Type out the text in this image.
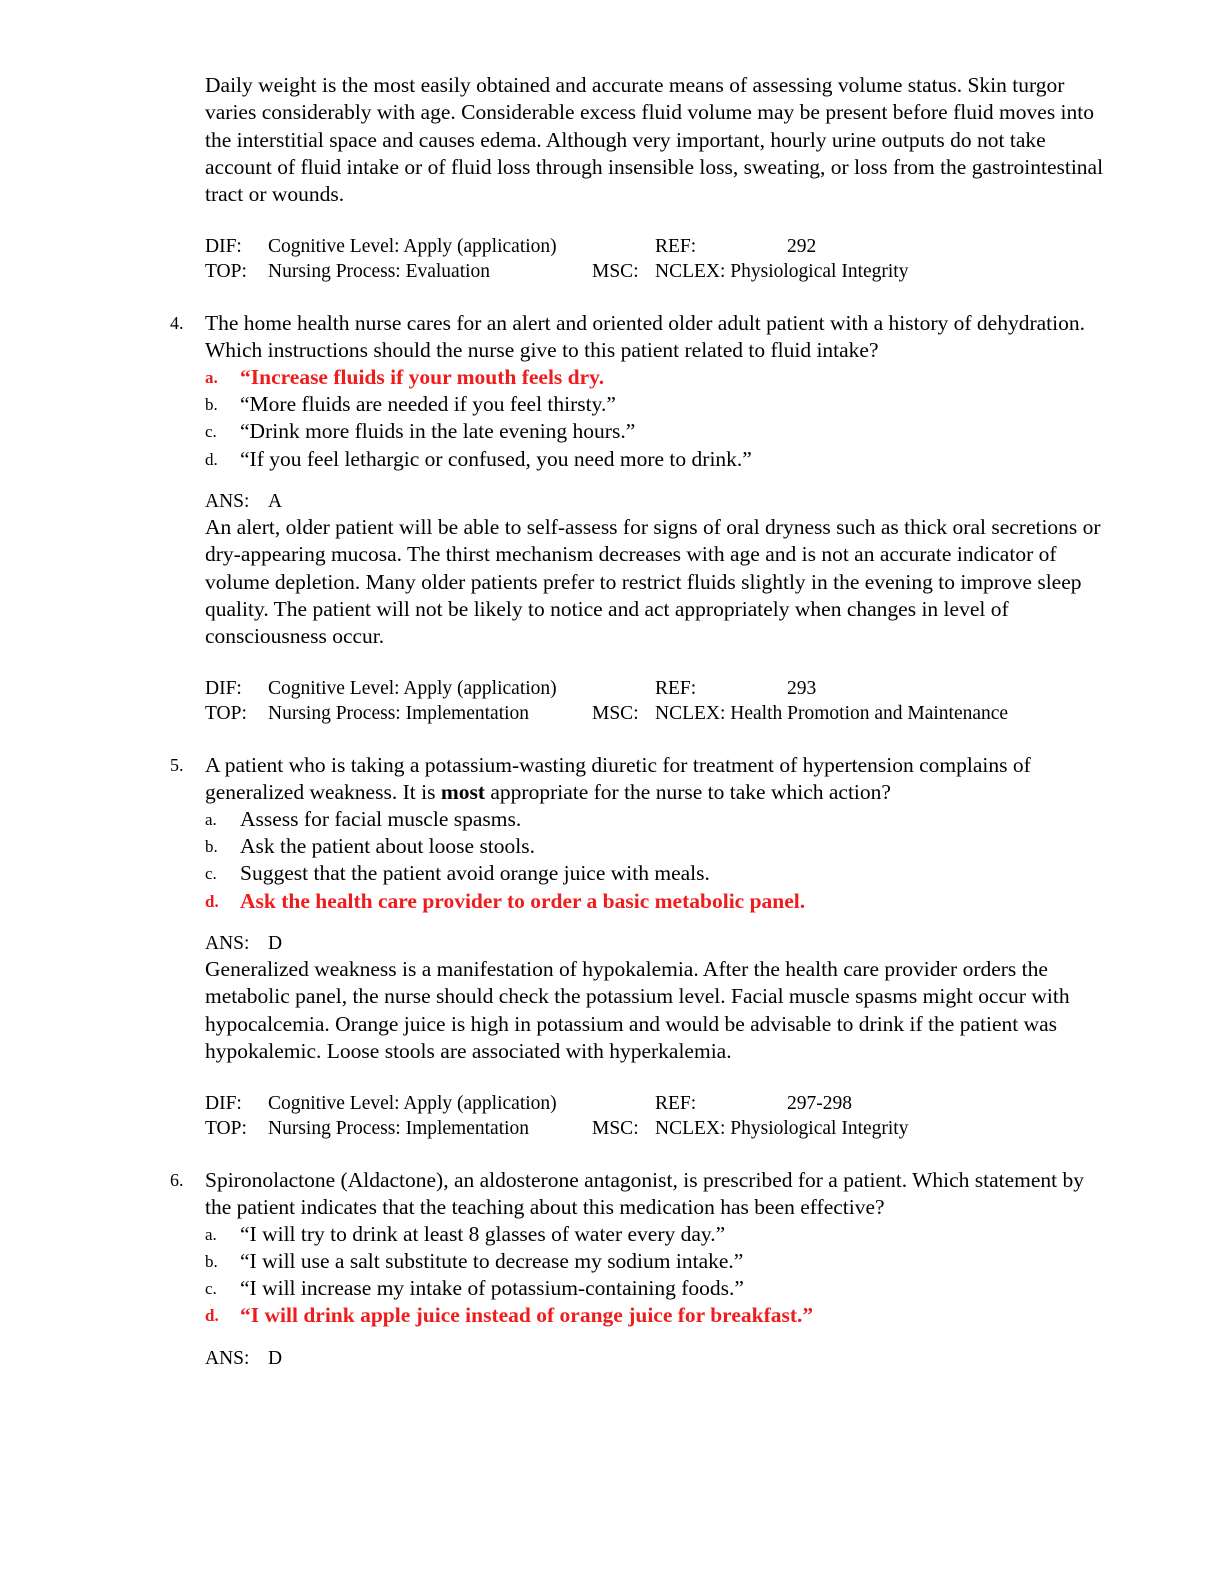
Daily weight is the most easily obtained and accurate means of assessing volume status. Skin turgor varies considerably with age. Considerable excess fluid volume may be present before fluid moves into the interstitial space and causes edema. Although very important, hourly urine outputs do not take account of fluid intake or of fluid loss through insensible loss, sweating, or loss from the gastrointestinal tract or wounds.
DIF: Cognitive Level: Apply (application)	REF:	292
TOP: Nursing Process: Evaluation	MSC: NCLEX: Physiological Integrity
4. The home health nurse cares for an alert and oriented older adult patient with a history of dehydration. Which instructions should the nurse give to this patient related to fluid intake?
a. “Increase fluids if your mouth feels dry.
b. “More fluids are needed if you feel thirsty.”
c. “Drink more fluids in the late evening hours.”
d. “If you feel lethargic or confused, you need more to drink.”
ANS: A
An alert, older patient will be able to self-assess for signs of oral dryness such as thick oral secretions or dry-appearing mucosa. The thirst mechanism decreases with age and is not an accurate indicator of volume depletion. Many older patients prefer to restrict fluids slightly in the evening to improve sleep quality. The patient will not be likely to notice and act appropriately when changes in level of consciousness occur.
DIF: Cognitive Level: Apply (application)	REF:	293
TOP: Nursing Process: Implementation	MSC: NCLEX: Health Promotion and Maintenance
5. A patient who is taking a potassium-wasting diuretic for treatment of hypertension complains of generalized weakness. It is most appropriate for the nurse to take which action?
a. Assess for facial muscle spasms.
b. Ask the patient about loose stools.
c. Suggest that the patient avoid orange juice with meals.
d. Ask the health care provider to order a basic metabolic panel.
ANS: D
Generalized weakness is a manifestation of hypokalemia. After the health care provider orders the metabolic panel, the nurse should check the potassium level. Facial muscle spasms might occur with hypocalcemia. Orange juice is high in potassium and would be advisable to drink if the patient was hypokalemic. Loose stools are associated with hyperkalemia.
DIF: Cognitive Level: Apply (application)	REF:	297-298
TOP: Nursing Process: Implementation	MSC: NCLEX: Physiological Integrity
6. Spironolactone (Aldactone), an aldosterone antagonist, is prescribed for a patient. Which statement by the patient indicates that the teaching about this medication has been effective?
a. “I will try to drink at least 8 glasses of water every day.”
b. “I will use a salt substitute to decrease my sodium intake.”
c. “I will increase my intake of potassium-containing foods.”
d. “I will drink apple juice instead of orange juice for breakfast.”
ANS: D
